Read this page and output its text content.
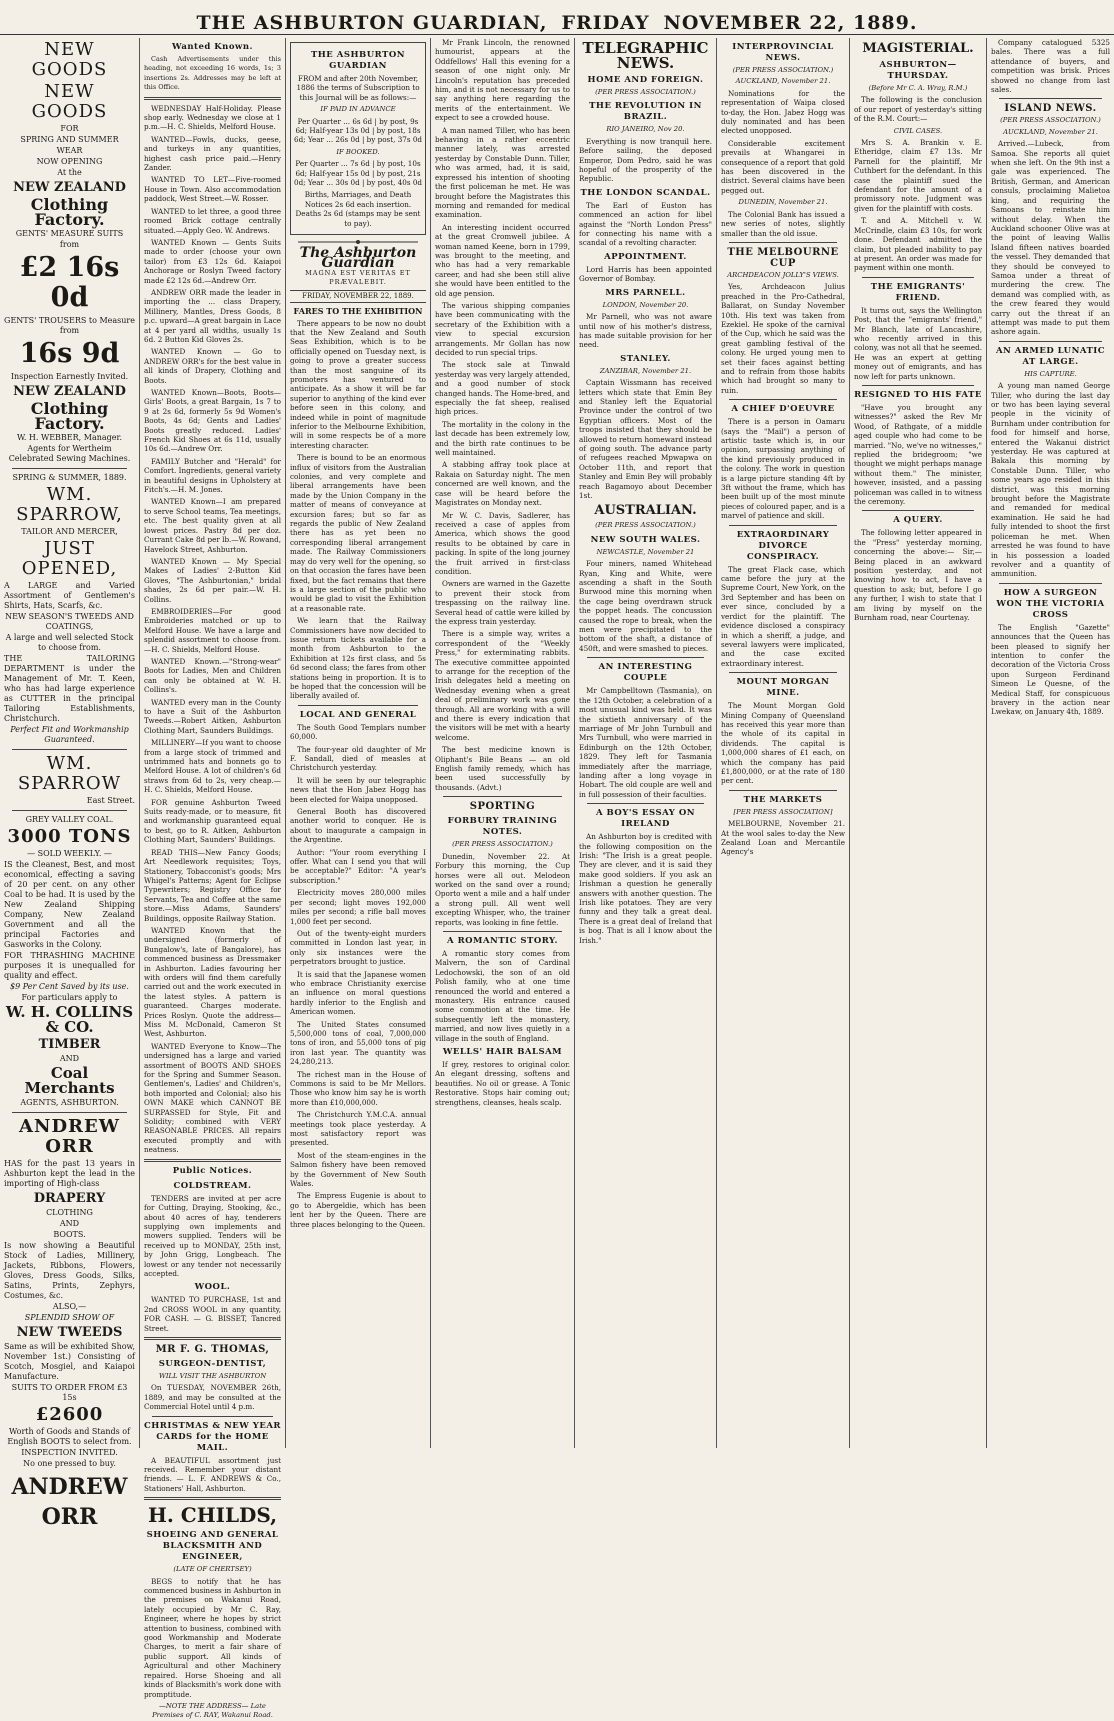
THE ASHBURTON GUARDIAN, FRIDAY NOVEMBER 22, 1889.
NEW GOODS
NEW GOODS
FOR
SPRING AND SUMMER
WEAR
NOW OPENING
At the
NEW ZEALAND
Clothing Factory.
GENTS' MEASURE SUITS
from
£2 16s 0d
GENTS' TROUSERS to Measure from
16s 9d
Inspection Earnestly Invited.
NEW ZEALAND
Clothing Factory.
W. H. WEBBER, Manager.
Agents for Wertheim Celebrated Sewing Machines.
SPRING & SUMMER, 1889.
WM. SPARROW,
TAILOR AND MERCER,
JUST OPENED,
A LARGE and Varied Assortment of Gentlemen's Shirts, Hats, Scarfs, &c.
NEW SEASON'S TWEEDS AND COATINGS,
A large and well selected Stock to choose from.
THE TAILORING DEPARTMENT is under the Management of Mr. T. Keen, who has had large experience as CUTTER in the principal Tailoring Establishments, Christchurch.
Perfect Fit and Workmanship Guaranteed.
WM. SPARROW
East Street.
GREY VALLEY COAL.
3000 TONS
— SOLD WEEKLY. —
IS the Cleanest, Best, and most economical, effecting a saving of 20 per cent. on any other Coal to be had. It is used by the New Zealand Shipping Company, New Zealand Government and all the principal Factories and Gasworks in the Colony.
FOR THRASHING MACHINE purposes it is unequalled for quality and effect.
$9 Per Cent Saved by its use.
For particulars apply to
W. H. COLLINS & CO.
TIMBER
AND
Coal Merchants
AGENTS, ASHBURTON.
ANDREW ORR
HAS for the past 13 years in Ashburton kept the lead in the importing of High-class
DRAPERY
CLOTHING
AND
BOOTS.
Is now showing a Beautiful Stock of Ladies, Millinery, Jackets, Ribbons, Flowers, Gloves, Dress Goods, Silks, Satins, Prints, Zephyrs, Costumes, &c.
ALSO,—
SPLENDID SHOW OF
NEW TWEEDS
Same as will be exhibited Show, November 1st.) Consisting of Scotch, Mosgiel, and Kaiapoi Manufacture.
SUITS TO ORDER FROM £3 15s
£2600
Worth of Goods and Stands of English BOOTS to select from.
INSPECTION INVITED.
No one pressed to buy.
ANDREW ORR
Wanted Known.

Cash Advertisements under this heading, not exceeding 16 words, 1s; 3 insertions 2s. Addresses may be left at this Office.

WEDNESDAY Half-Holiday. Please shop early. Wednesday we close at 1 p.m.—H. C. Shields, Melford House.

WANTED—Fowls, ducks, geese, and turkeys in any quantities, highest cash price paid.—Henry Zander.

WANTED TO LET—Five-roomed House in Town. Also accommodation paddock, West Street.—W. Rosser.

WANTED to let three, a good three roomed Brick cottage centrally situated.—Apply Geo. W. Andrews.

WANTED Known — Gents Suits made to order (choose your own tailor) from £3 12s 6d. Kaiapoi Anchorage or Roslyn Tweed factory made £2 12s 6d.—Andrew Orr.

ANDREW ORR made the leader in importing the ... class Drapery, Millinery, Mantles, Dress Goods, 8 p.c. upward—A great bargain in Lace at 4 per yard all widths, usually 1s 6d. 2 Button Kid Gloves 2s.

WANTED Known — Go to ANDREW ORR's for the best value in all kinds of Drapery, Clothing and Boots.

WANTED Known—Boots, Boots—Girls' Boots, a great Bargain, 1s 7 to 9 at 2s 6d, formerly 5s 9d Women's Boots, 4s 6d; Gents and Ladies' Boots greatly reduced. Ladies' French Kid Shoes at 6s 11d, usually 10s 6d.—Andrew Orr.

FAMILY Butcher and "Herald" for Comfort. Ingredients, general variety in beautiful designs in Upholstery at Fitch's.—H. M. Jones.

WANTED Known—I am prepared to serve School teams, Tea meetings, etc. The best quality given at all lowest prices. Pastry 8d per doz. Currant Cake 8d per lb.—W. Rowand, Havelock Street, Ashburton.

WANTED Known — My Special Makes of Ladies' 2-Button Kid Gloves, "The Ashburtonian," bridal shades, 2s 6d per pair.—W. H. Collins.

EMBROIDERIES—For good Embroideries matched or up to Melford House. We have a large and splendid assortment to choose from.—H. C. Shields, Melford House.

WANTED Known.—"Strong-wear" Boots for Ladies, Men and Children can only be obtained at W. H. Collins's.

WANTED every man in the County to have a Suit of the Ashburton Tweeds.—Robert Aitken, Ashburton Clothing Mart, Saunders Buildings.

MILLINERY—If you want to choose from a large stock of trimmed and untrimmed hats and bonnets go to Melford House. A lot of children's 6d straws from 6d to 2s, very cheap.—H. C. Shields, Melford House.

FOR genuine Ashburton Tweed Suits ready-made, or to measure, fit and workmanship guaranteed equal to best, go to R. Aitken, Ashburton Clothing Mart, Saunders' Buildings.

READ THIS—New Fancy Goods; Art Needlework requisites; Toys, Stationery, Tobacconist's goods; Mrs Whigel's Patterns; Agent for Eclipse Typewriters; Registry Office for Servants, Tea and Coffee at the same store.—Miss Adams, Saunders' Buildings, opposite Railway Station.

WANTED Known that the undersigned (formerly of Bungalow's, late of Bangalore), has commenced business as Dressmaker in Ashburton. Ladies favouring her with orders will find them carefully carried out and the work executed in the latest styles. A pattern is guaranteed. Charges moderate. Prices Roslyn. Quote the address—Miss M. McDonald, Cameron St West, Ashburton.

WANTED Everyone to Know—The undersigned has a large and varied assortment of BOOTS AND SHOES for the Spring and Summer Season. Gentlemen's, Ladies' and Children's, both imported and Colonial; also his OWN MAKE which CANNOT BE SURPASSED for Style, Fit and Solidity; combined with VERY REASONABLE PRICES. All repairs executed promptly and with neatness.

Public Notices.
COLDSTREAM.

TENDERS are invited at per acre for Cutting, Draying, Stooking, &c., about 40 acres of hay, tenderers supplying own implements and mowers supplied. Tenders will be received up to MONDAY, 25th inst, by John Grigg, Longbeach. The lowest or any tender not necessarily accepted.

WOOL.

WANTED TO PURCHASE, 1st and 2nd CROSS WOOL in any quantity, FOR CASH. — G. BISSET, Tancred Street.

MR F. G. THOMAS,
SURGEON-DENTIST,
WILL VISIT THE ASHBURTON

On TUESDAY, NOVEMBER 26th, 1889, and may be consulted at the Commercial Hotel until 4 p.m.

CHRISTMAS & NEW YEAR CARDS for the HOME MAIL.

A BEAUTIFUL assortment just received. Remember your distant friends. — L. F. ANDREWS & Co., Stationers' Hall, Ashburton.

H. CHILDS,
SHOEING AND GENERAL BLACKSMITH AND ENGINEER,
(LATE OF CHERTSEY)

BEGS to notify that he has commenced business in Ashburton in the premises on Wakanui Road, lately occupied by Mr C. Ray, Engineer, where he hopes by strict attention to business, combined with good Workmanship and Moderate Charges, to merit a fair share of public support. All kinds of Agricultural and other Machinery repaired. Horse Shoeing and all kinds of Blacksmith's work done with promptitude.

—NOTE THE ADDRESS— Late Premises of C. RAY, Wakanui Road.
THE ASHBURTON GUARDIAN

FROM and after 20th November, 1886 the terms of Subscription to this Journal will be as follows:—

IF PAID IN ADVANCE

Per Quarter ... 6s 6d | by post, 9s 6d; Half-year 13s 0d | by post, 18s 6d; Year ... 26s 0d | by post, 37s 0d

IF BOOKED.

Per Quarter ... 7s 6d | by post, 10s 6d; Half-year 15s 0d | by post, 21s 0d; Year ... 30s 0d | by post, 40s 0d

Births, Marriages, and Death Notices 2s 6d each insertion. Deaths 2s 6d (stamps may be sent to pay).

The Ashburton Guardian
MAGNA EST VERITAS ET PRÆVALEBIT.
FRIDAY, NOVEMBER 22, 1889.
FARES TO THE EXHIBITION

There appears to be now no doubt that the New Zealand and South Seas Exhibition, which is to be officially opened on Tuesday next, is going to prove a greater success than the most sanguine of its promoters has ventured to anticipate. As a show it will be far superior to anything of the kind ever before seen in this colony, and indeed while in point of magnitude inferior to the Melbourne Exhibition, will in some respects be of a more interesting character.

There is bound to be an enormous influx of visitors from the Australian colonies, and very complete and liberal arrangements have been made by the Union Company in the matter of means of conveyance at excursion fares; but so far as regards the public of New Zealand there has as yet been no corresponding liberal arrangement made. The Railway Commissioners may do very well for the opening, so on that occasion the fares have been fixed, but the fact remains that there is a large section of the public who would be glad to visit the Exhibition at a reasonable rate.

We learn that the Railway Commissioners have now decided to issue return tickets available for a month from Ashburton to the Exhibition at 12s first class, and 5s 6d second class; the fares from other stations being in proportion. It is to be hoped that the concession will be liberally availed of.

LOCAL AND GENERAL

The South Good Templars number 60,000.

The four-year old daughter of Mr F. Sandall, died of measles at Christchurch yesterday.

It will be seen by our telegraphic news that the Hon Jabez Hogg has been elected for Waipa unopposed.

General Booth has discovered another world to conquer. He is about to inaugurate a campaign in the Argentine.

Author: "Your room everything I offer. What can I send you that will be acceptable?" Editor: "A year's subscription."

Electricity moves 280,000 miles per second; light moves 192,000 miles per second; a rifle ball moves 1,000 feet per second.

Out of the twenty-eight murders committed in London last year, in only six instances were the perpetrators brought to justice.

It is said that the Japanese women who embrace Christianity exercise an influence on moral questions hardly inferior to the English and American women.

The United States consumed 5,500,000 tons of coal, 7,000,000 tons of iron, and 55,000 tons of pig iron last year. The quantity was 24,280,213.

The richest man in the House of Commons is said to be Mr Mellors. Those who know him say he is worth more than £10,000,000.

The Christchurch Y.M.C.A. annual meetings took place yesterday. A most satisfactory report was presented.

Most of the steam-engines in the Salmon fishery have been removed by the Government of New South Wales.

The Empress Eugenie is about to go to Abergeldie, which has been lent her by the Queen. There are three places belonging to the Queen.

Mr Frank Lincoln, the renowned humourist, appears at the Oddfellows' Hall this evening for a season of one night only. Mr Lincoln's reputation has preceded him, and it is not necessary for us to say anything here regarding the merits of the entertainment. We expect to see a crowded house.

A man named Tiller, who has been behaving in a rather eccentric manner lately, was arrested yesterday by Constable Dunn. Tiller, who was armed, had, it is said, expressed his intention of shooting the first policeman he met. He was brought before the Magistrates this morning and remanded for medical examination.

An interesting incident occurred at the great Cromwell jubilee. A woman named Keene, born in 1799, was brought to the meeting, and who has had a very remarkable career, and had she been still alive she would have been entitled to the old age pension.

The various shipping companies have been communicating with the secretary of the Exhibition with a view to special excursion arrangements. Mr Gollan has now decided to run special trips.

The stock sale at Tinwald yesterday was very largely attended, and a good number of stock changed hands. The Home-bred, and especially the fat sheep, realised high prices.

The mortality in the colony in the last decade has been extremely low, and the birth rate continues to be well maintained.

A stabbing affray took place at Rakaia on Saturday night. The men concerned are well known, and the case will be heard before the Magistrates on Monday next.

Mr W. C. Davis, Sadlerer, has received a case of apples from America, which shows the good results to be obtained by care in packing. In spite of the long journey the fruit arrived in first-class condition.

Owners are warned in the Gazette to prevent their stock from trespassing on the railway line. Several head of cattle were killed by the express train yesterday.

There is a simple way, writes a correspondent of the "Weekly Press," for exterminating rabbits. The executive committee appointed to arrange for the reception of the Irish delegates held a meeting on Wednesday evening when a great deal of preliminary work was gone through. All are working with a will and there is every indication that the visitors will be met with a hearty welcome.

The best medicine known is Oliphant's Bile Beans — an old English family remedy, which has been used successfully by thousands. (Advt.)

SPORTING
FORBURY TRAINING NOTES.
(PER PRESS ASSOCIATION.)

Dunedin, November 22. At Forbury this morning, the Cup horses were all out. Melodeon worked on the sand over a round; Oporto went a mile and a half under a strong pull. All went well excepting Whisper, who, the trainer reports, was looking in fine fettle.

A ROMANTIC STORY.

A romantic story comes from Malvern, the son of Cardinal Ledochowski, the son of an old Polish family, who at one time renounced the world and entered a monastery. His entrance caused some commotion at the time. He subsequently left the monastery, married, and now lives quietly in a village in the south of England.

WELLS' HAIR BALSAM

If grey, restores to original color. An elegant dressing, softens and beautifies. No oil or grease. A Tonic Restorative. Stops hair coming out; strengthens, cleanses, heals scalp.

TELEGRAPHIC NEWS.
HOME AND FOREIGN.
(PER PRESS ASSOCIATION.)
THE REVOLUTION IN BRAZIL.
RIO JANEIRO, Nov 20.

Everything is now tranquil here. Before sailing, the deposed Emperor, Dom Pedro, said he was hopeful of the prosperity of the Republic.

THE LONDON SCANDAL.

The Earl of Euston has commenced an action for libel against the "North London Press" for connecting his name with a scandal of a revolting character.

APPOINTMENT.

Lord Harris has been appointed Governor of Bombay.

MRS PARNELL.
LONDON, November 20.

Mr Parnell, who was not aware until now of his mother's distress, has made suitable provision for her need.

STANLEY.
ZANZIBAR, November 21.

Captain Wissmann has received letters which state that Emin Bey and Stanley left the Equatorial Province under the control of two Egyptian officers. Most of the troops insisted that they should be allowed to return homeward instead of going south. The advance party of refugees reached Mpwapwa on October 11th, and report that Stanley and Emin Bey will probably reach Bagamoyo about December 1st.

AUSTRALIAN.
(PER PRESS ASSOCIATION.)
NEW SOUTH WALES.
NEWCASTLE, November 21

Four miners, named Whitehead Ryan, King and White, were ascending a shaft in the South Burwood mine this morning when the cage being overdrawn struck the poppet heads. The concussion caused the rope to break, when the men were precipitated to the bottom of the shaft, a distance of 450ft, and were smashed to pieces.

AN INTERESTING COUPLE

Mr Campbelltown (Tasmania), on the 12th October, a celebration of a most unusual kind was held. It was the sixtieth anniversary of the marriage of Mr John Turnbull and Mrs Turnbull, who were married in Edinburgh on the 12th October, 1829. They left for Tasmania immediately after the marriage, landing after a long voyage in Hobart. The old couple are well and in full possession of their faculties.

A BOY'S ESSAY ON IRELAND

An Ashburton boy is credited with the following composition on the Irish: "The Irish is a great people. They are clever, and it is said they make good soldiers. If you ask an Irishman a question he generally answers with another question. The Irish like potatoes. They are very funny and they talk a great deal. There is a great deal of Ireland that is bog. That is all I know about the Irish."

INTERPROVINCIAL NEWS.
(PER PRESS ASSOCIATION.)
AUCKLAND, November 21.

Nominations for the representation of Waipa closed to-day, the Hon. Jabez Hogg was duly nominated and has been elected unopposed.

Considerable excitement prevails at Whangarei in consequence of a report that gold has been discovered in the district. Several claims have been pegged out.

DUNEDIN, November 21.

The Colonial Bank has issued a new series of notes, slightly smaller than the old issue.

THE MELBOURNE CUP
ARCHDEACON JOLLY'S VIEWS.

Yes, Archdeacon Julius preached in the Pro-Cathedral, Ballarat, on Sunday November 10th. His text was taken from Ezekiel. He spoke of the carnival of the Cup, which he said was the great gambling festival of the colony. He urged young men to set their faces against betting and to refrain from those habits which had brought so many to ruin.

A CHIEF D'OEUVRE

There is a person in Oamaru (says the "Mail") a person of artistic taste which is, in our opinion, surpassing anything of the kind previously produced in the colony. The work in question is a large picture standing 4ft by 3ft without the frame, which has been built up of the most minute pieces of coloured paper, and is a marvel of patience and skill.

EXTRAORDINARY DIVORCE CONSPIRACY.

The great Flack case, which came before the jury at the Supreme Court, New York, on the 3rd September and has been on ever since, concluded by a verdict for the plaintiff. The evidence disclosed a conspiracy in which a sheriff, a judge, and several lawyers were implicated, and the case excited extraordinary interest.

MOUNT MORGAN MINE.

The Mount Morgan Gold Mining Company of Queensland has received this year more than the whole of its capital in dividends. The capital is 1,000,000 shares of £1 each, on which the company has paid £1,800,000, or at the rate of 180 per cent.

THE MARKETS
[PER PRESS ASSOCIATION]

MELBOURNE, November 21. At the wool sales to-day the New Zealand Loan and Mercantile Agency's

MAGISTERIAL.
ASHBURTON—THURSDAY.
(Before Mr C. A. Wray, R.M.)

The following is the conclusion of our report of yesterday's sitting of the R.M. Court:—

CIVIL CASES.

Mrs S. A. Brankin v. E. Etheridge, claim £7 13s. Mr Parnell for the plaintiff, Mr Cuthbert for the defendant. In this case the plaintiff sued the defendant for the amount of a promissory note. Judgment was given for the plaintiff with costs.

T. and A. Mitchell v. W. McCrindle, claim £3 10s, for work done. Defendant admitted the claim, but pleaded inability to pay at present. An order was made for payment within one month.

THE EMIGRANTS' FRIEND.

It turns out, says the Wellington Post, that the "emigrants' friend," Mr Blanch, late of Lancashire, who recently arrived in this colony, was not all that he seemed. He was an expert at getting money out of emigrants, and has now left for parts unknown.

RESIGNED TO HIS FATE

"Have you brought any witnesses?" asked the Rev Mr Wood, of Rathgate, of a middle aged couple who had come to be married. "No, we've no witnesses," replied the bridegroom; "we thought we might perhaps manage without them." The minister, however, insisted, and a passing policeman was called in to witness the ceremony.

A QUERY.

The following letter appeared in the "Press" yesterday morning, concerning the above:— Sir,—Being placed in an awkward position yesterday, and not knowing how to act, I have a question to ask; but, before I go any further, I wish to state that I am living by myself on the Burnham road, near Courtenay.

Company catalogued 5325 bales. There was a full attendance of buyers, and competition was brisk. Prices showed no change from last sales.

ISLAND NEWS.
(PER PRESS ASSOCIATION.)
AUCKLAND, November 21.

Arrived.—Lubeck, from Samoa. She reports all quiet when she left. On the 9th inst a gale was experienced. The British, German, and American consuls, proclaiming Malietoa king, and requiring the Samoans to reinstate him without delay. When the Auckland schooner Olive was at the point of leaving Wallis Island fifteen natives boarded the vessel. They demanded that they should be conveyed to Samoa under a threat of murdering the crew. The demand was complied with, as the crew feared they would carry out the threat if an attempt was made to put them ashore again.

AN ARMED LUNATIC AT LARGE.
HIS CAPTURE.

A young man named George Tiller, who during the last day or two has been laying several people in the vicinity of Burnham under contribution for food for himself and horse, entered the Wakanui district yesterday. He was captured at Bakala this morning by Constable Dunn. Tiller, who some years ago resided in this district, was this morning brought before the Magistrate and remanded for medical examination. He said he had fully intended to shoot the first policeman he met. When arrested he was found to have in his possession a loaded revolver and a quantity of ammunition.

HOW A SURGEON WON THE VICTORIA CROSS

The English "Gazette" announces that the Queen has been pleased to signify her intention to confer the decoration of the Victoria Cross upon Surgeon Ferdinand Simeon Le Quesne, of the Medical Staff, for conspicuous bravery in the action near Lwekaw, on January 4th, 1889.
